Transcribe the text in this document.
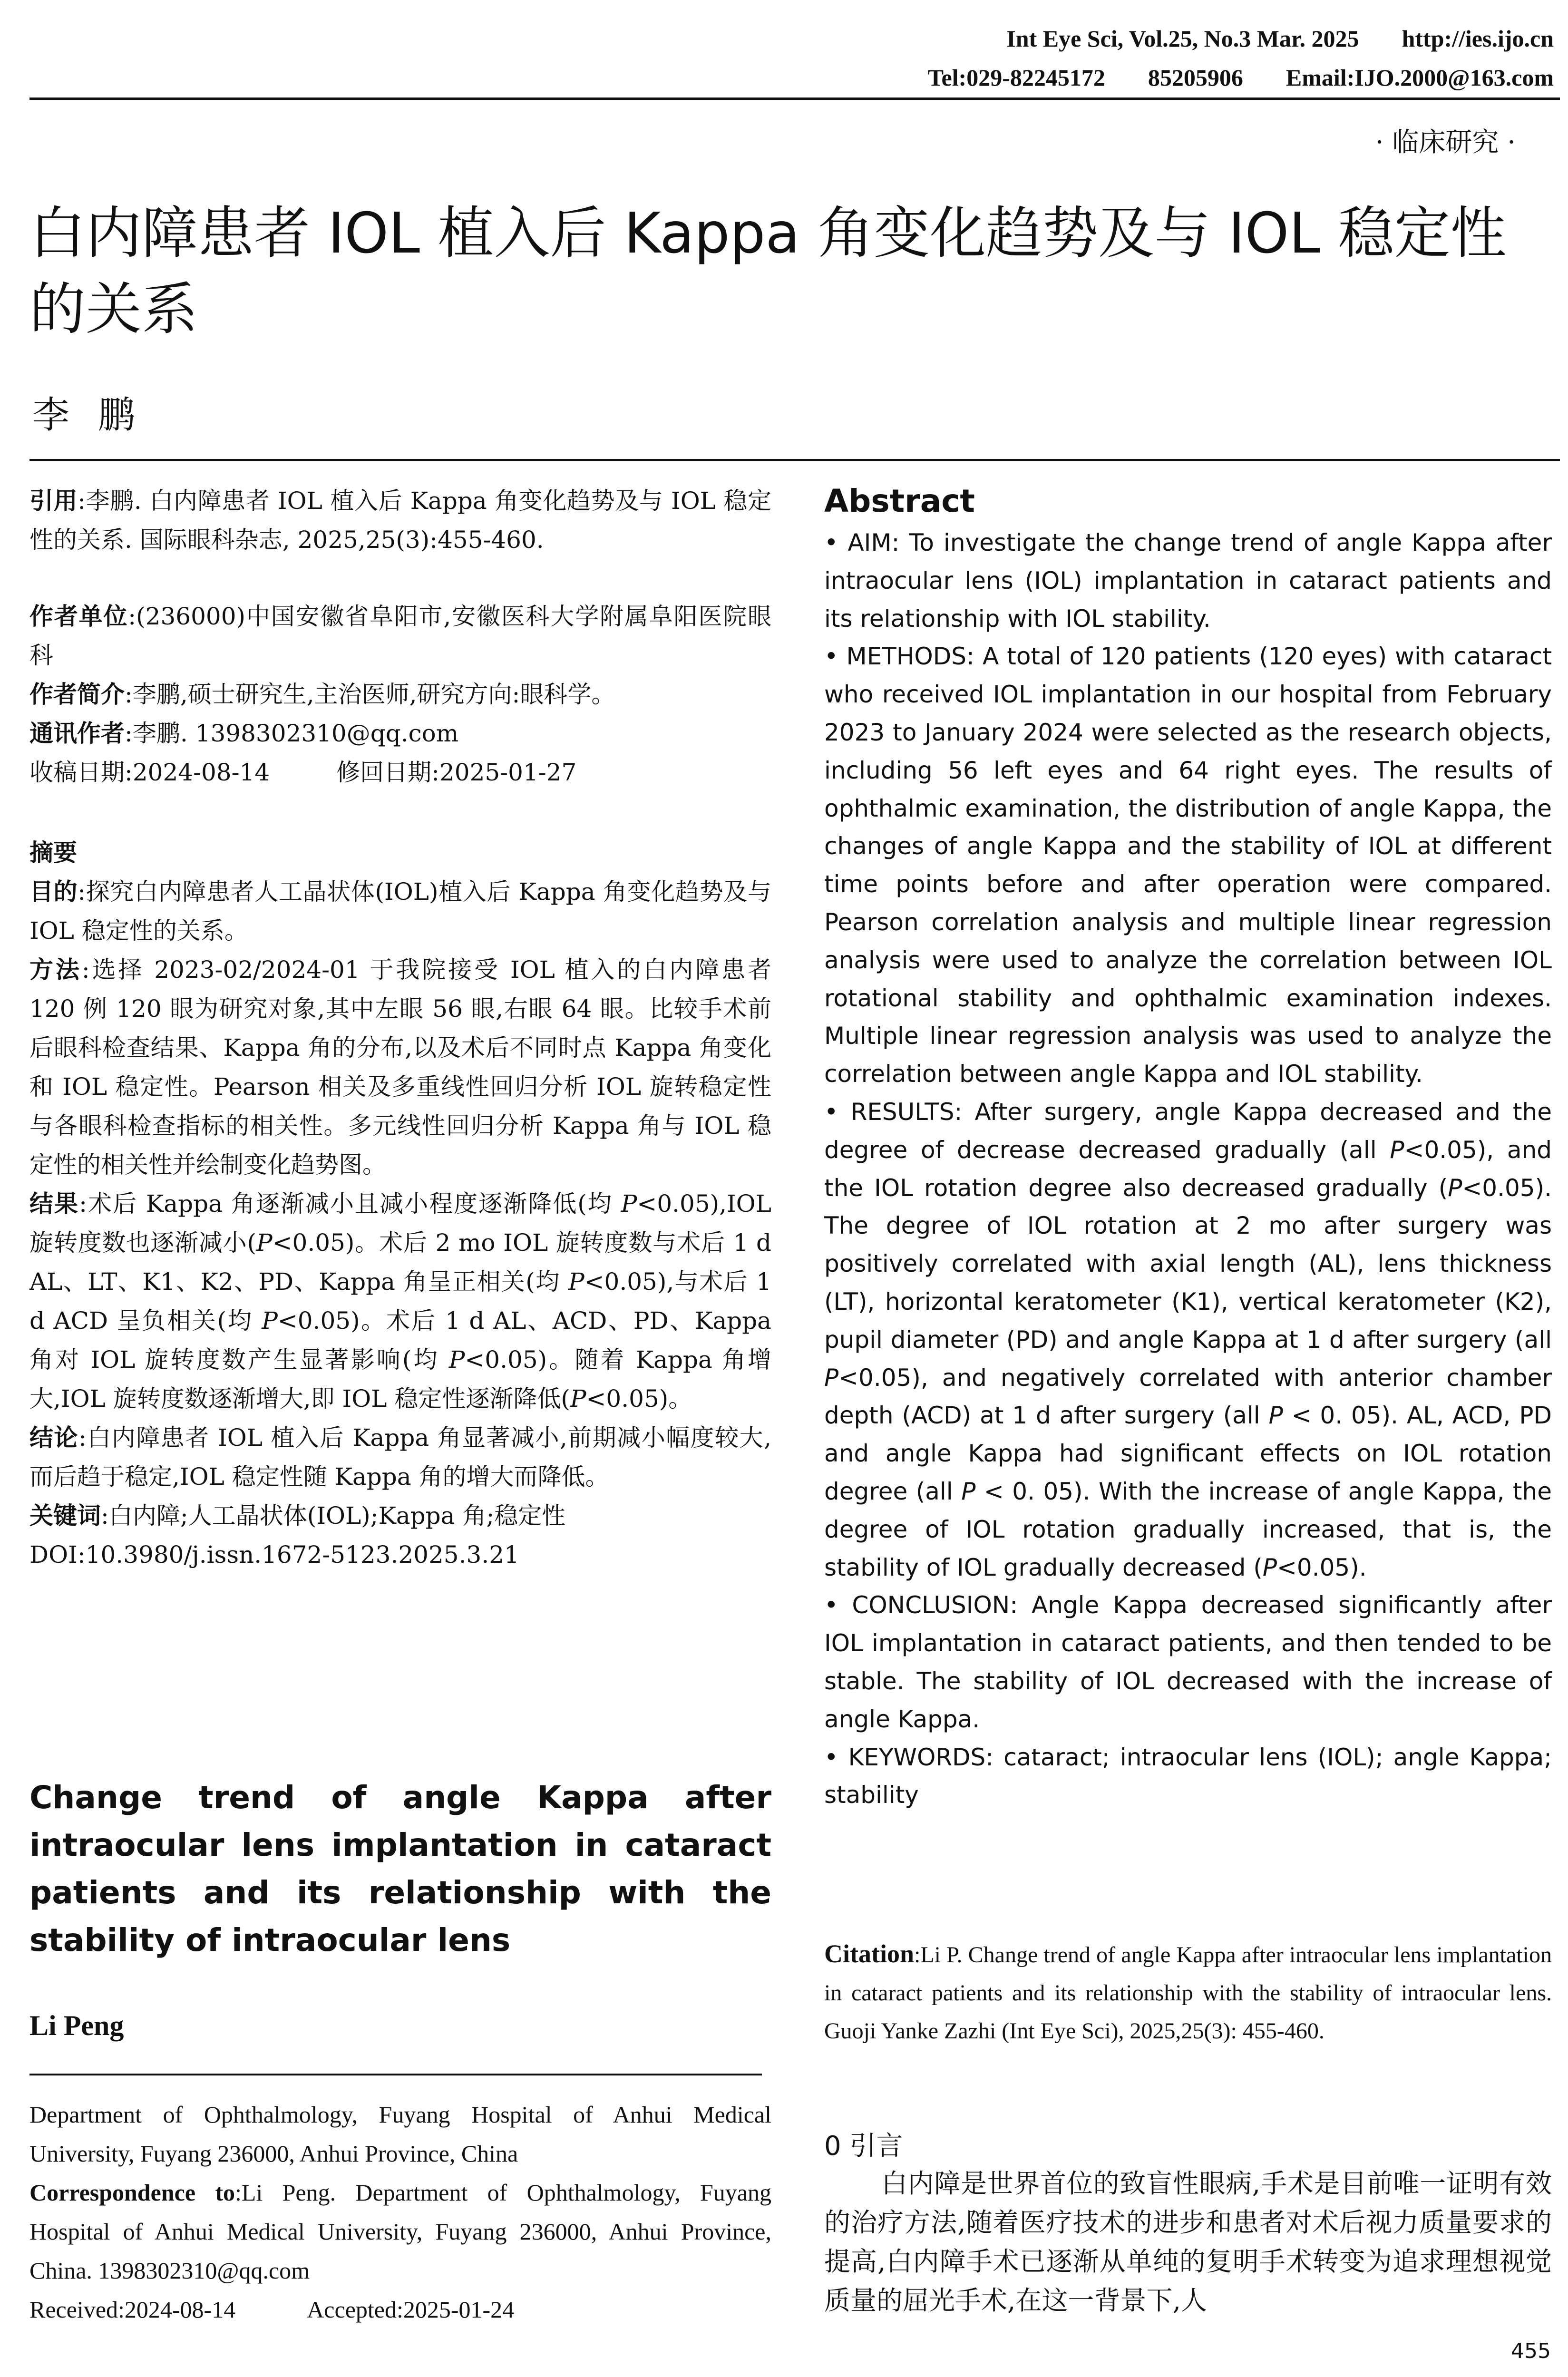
Int Eye Sci, Vol.25, No.3 Mar. 2025 http://ies.ijo.cn
Tel:029-82245172 85205906 Email:IJO.2000@163.com
· 临床研究 ·
白内障患者 IOL 植入后 Kappa 角变化趋势及与 IOL 稳定性的关系
李鹏

引用:李鹏. 白内障患者 IOL 植入后 Kappa 角变化趋势及与 IOL 稳定性的关系. 国际眼科杂志, 2025,25(3):455-460.

作者单位:(236000)中国安徽省阜阳市,安徽医科大学附属阜阳医院眼科

作者简介:李鹏,硕士研究生,主治医师,研究方向:眼科学。

通讯作者:李鹏. 1398302310@qq.com

收稿日期:2024-08-14	修回日期:2025-01-27

摘要

目的:探究白内障患者人工晶状体(IOL)植入后 Kappa 角变化趋势及与 IOL 稳定性的关系。

方法:选择 2023-02/2024-01 于我院接受 IOL 植入的白内障患者 120 例 120 眼为研究对象,其中左眼 56 眼,右眼 64 眼。比较手术前后眼科检查结果、Kappa 角的分布,以及术后不同时点 Kappa 角变化和 IOL 稳定性。Pearson 相关及多重线性回归分析 IOL 旋转稳定性与各眼科检查指标的相关性。多元线性回归分析 Kappa 角与 IOL 稳定性的相关性并绘制变化趋势图。

结果:术后 Kappa 角逐渐减小且减小程度逐渐降低(均 P<0.05),IOL 旋转度数也逐渐减小(P<0.05)。术后 2 mo IOL 旋转度数与术后 1 d AL、LT、K1、K2、PD、Kappa 角呈正相关(均 P<0.05),与术后 1 d ACD 呈负相关(均 P<0.05)。术后 1 d AL、ACD、PD、Kappa 角对 IOL 旋转度数产生显著影响(均 P<0.05)。随着 Kappa 角增大,IOL 旋转度数逐渐增大,即 IOL 稳定性逐渐降低(P<0.05)。

结论:白内障患者 IOL 植入后 Kappa 角显著减小,前期减小幅度较大,而后趋于稳定,IOL 稳定性随 Kappa 角的增大而降低。

关键词:白内障;人工晶状体(IOL);Kappa 角;稳定性

DOI:10.3980/j.issn.1672-5123.2025.3.21

Change trend of angle Kappa after intraocular lens implantation in cataract patients and its relationship with the stability of intraocular lens
Li Peng

Department of Ophthalmology, Fuyang Hospital of Anhui Medical University, Fuyang 236000, Anhui Province, China

Correspondence to:Li Peng. Department of Ophthalmology, Fuyang Hospital of Anhui Medical University, Fuyang 236000, Anhui Province, China. 1398302310@qq.com

Received:2024-08-14	Accepted:2025-01-24

Abstract

• AIM: To investigate the change trend of angle Kappa after intraocular lens (IOL) implantation in cataract patients and its relationship with IOL stability.

• METHODS: A total of 120 patients (120 eyes) with cataract who received IOL implantation in our hospital from February 2023 to January 2024 were selected as the research objects, including 56 left eyes and 64 right eyes. The results of ophthalmic examination, the distribution of angle Kappa, the changes of angle Kappa and the stability of IOL at different time points before and after operation were compared. Pearson correlation analysis and multiple linear regression analysis were used to analyze the correlation between IOL rotational stability and ophthalmic examination indexes. Multiple linear regression analysis was used to analyze the correlation between angle Kappa and IOL stability.

• RESULTS: After surgery, angle Kappa decreased and the degree of decrease decreased gradually (all P<0.05), and the IOL rotation degree also decreased gradually (P<0.05). The degree of IOL rotation at 2 mo after surgery was positively correlated with axial length (AL), lens thickness (LT), horizontal keratometer (K1), vertical keratometer (K2), pupil diameter (PD) and angle Kappa at 1 d after surgery (all P<0.05), and negatively correlated with anterior chamber depth (ACD) at 1 d after surgery (all P < 0. 05). AL, ACD, PD and angle Kappa had significant effects on IOL rotation degree (all P < 0. 05). With the increase of angle Kappa, the degree of IOL rotation gradually increased, that is, the stability of IOL gradually decreased (P<0.05).

• CONCLUSION: Angle Kappa decreased significantly after IOL implantation in cataract patients, and then tended to be stable. The stability of IOL decreased with the increase of angle Kappa.

• KEYWORDS: cataract; intraocular lens (IOL); angle Kappa; stability

Citation:Li P. Change trend of angle Kappa after intraocular lens implantation in cataract patients and its relationship with the stability of intraocular lens. Guoji Yanke Zazhi (Int Eye Sci), 2025,25(3): 455-460.
0 引言

白内障是世界首位的致盲性眼病,手术是目前唯一证明有效的治疗方法,随着医疗技术的进步和患者对术后视力质量要求的提高,白内障手术已逐渐从单纯的复明手术转变为追求理想视觉质量的屈光手术,在这一背景下,人

455
